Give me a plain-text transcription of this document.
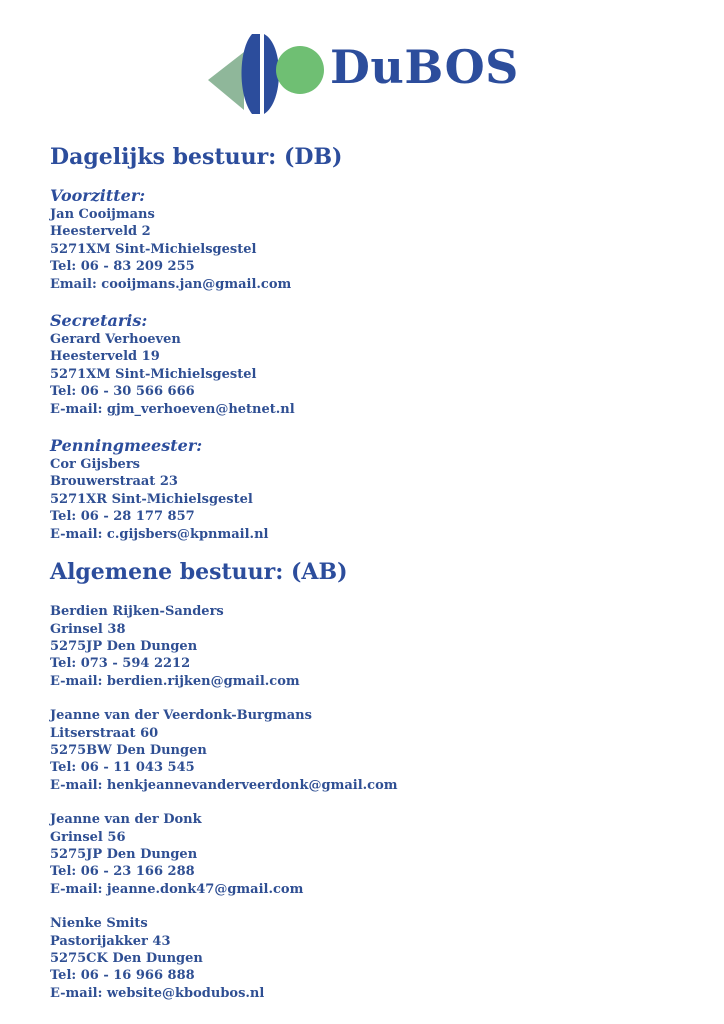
DuBOS
Dagelijks bestuur: (DB)
Voorzitter:
Jan Cooijmans
Heesterveld 2
5271XM Sint-Michielsgestel
Tel: 06 - 83 209 255
Email: cooijmans.jan@gmail.com
Secretaris:
Gerard Verhoeven
Heesterveld 19
5271XM Sint-Michielsgestel
Tel: 06 - 30 566 666
E-mail: gjm_verhoeven@hetnet.nl
Penningmeester:
Cor Gijsbers
Brouwerstraat 23
5271XR Sint-Michielsgestel
Tel: 06 - 28 177 857
E-mail: c.gijsbers@kpnmail.nl
Algemene bestuur: (AB)
Berdien Rijken-Sanders
Grinsel 38
5275JP Den Dungen
Tel: 073 - 594 2212
E-mail: berdien.rijken@gmail.com
Jeanne van der Veerdonk-Burgmans
Litserstraat 60
5275BW Den Dungen
Tel: 06 - 11 043 545
E-mail: henkjeannevanderveerdonk@gmail.com
Jeanne van der Donk
Grinsel 56
5275JP Den Dungen
Tel: 06 - 23 166 288
E-mail: jeanne.donk47@gmail.com
Nienke Smits
Pastorijakker 43
5275CK Den Dungen
Tel: 06 - 16 966 888
E-mail: website@kbodubos.nl
